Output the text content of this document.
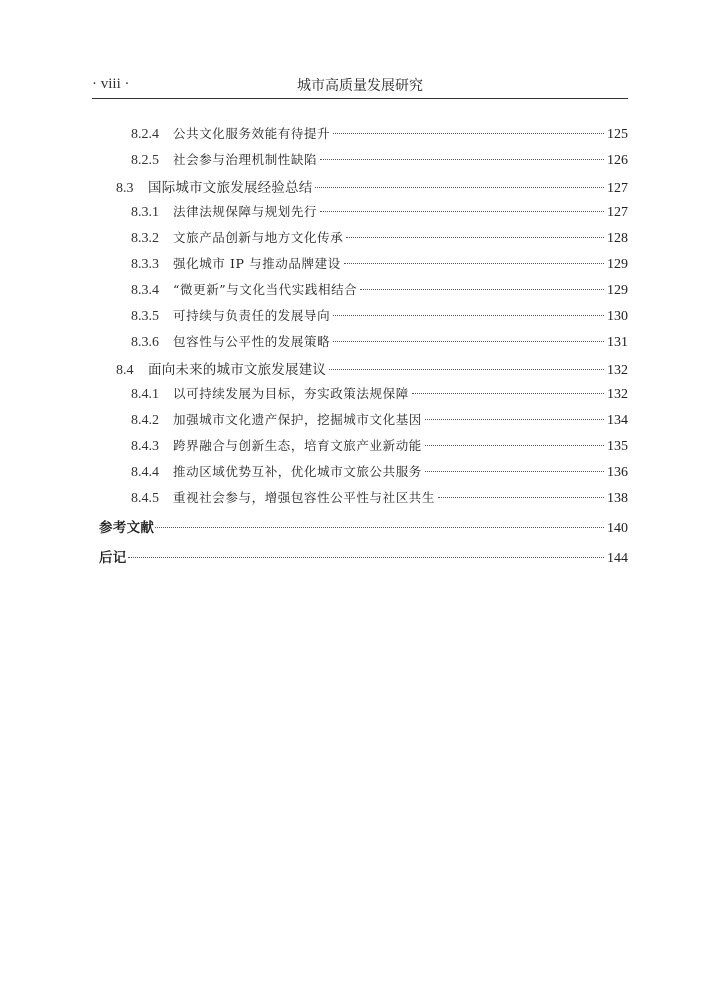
· viii ·	城市高质量发展研究
8.2.4	公共文化服务效能有待提升	125
8.2.5	社会参与治理机制性缺陷	126
8.3	国际城市文旅发展经验总结	127
8.3.1	法律法规保障与规划先行	127
8.3.2	文旅产品创新与地方文化传承	128
8.3.3	强化城市 IP 与推动品牌建设	129
8.3.4	“微更新”与文化当代实践相结合	129
8.3.5	可持续与负责任的发展导向	130
8.3.6	包容性与公平性的发展策略	131
8.4	面向未来的城市文旅发展建议	132
8.4.1	以可持续发展为目标，夯实政策法规保障	132
8.4.2	加强城市文化遗产保护，挖掘城市文化基因	134
8.4.3	跨界融合与创新生态，培育文旅产业新动能	135
8.4.4	推动区域优势互补，优化城市文旅公共服务	136
8.4.5	重视社会参与，增强包容性公平性与社区共生	138
参考文献	140
后记	144
